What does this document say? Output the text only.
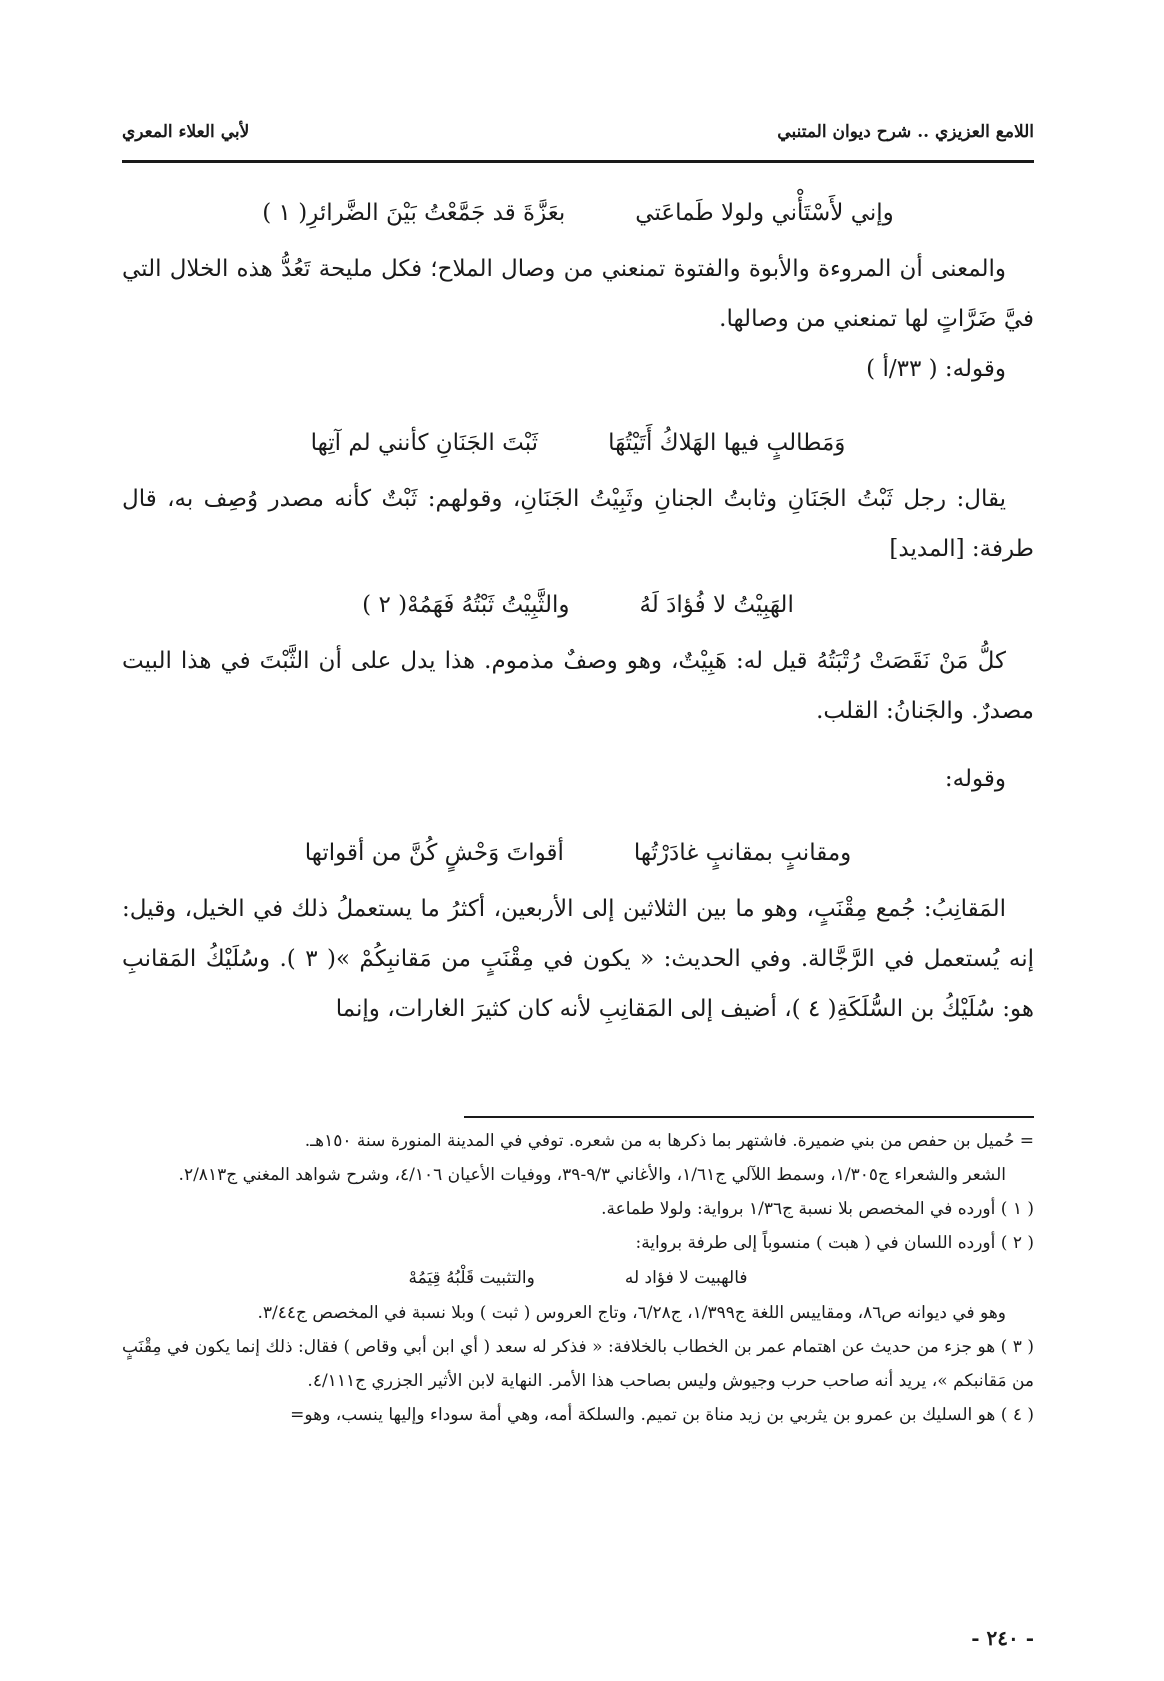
اللامع العزيزي .. شرح ديوان المتنبي
لأبي العلاء المعري
وإني لأَسْتَأْني ولولا طَماعَتي
بعَزَّةَ قد جَمَّعْتُ بَيْنَ الضَّرائرِ( ١ )

والمعنى أن المروءة والأبوة والفتوة تمنعني من وصال الملاح؛ فكل مليحة تَعُدُّ هذه الخلال التي فيَّ ضَرَّاتٍ لها تمنعني من وصالها.

وقوله: ( ٣٣/أ )

وَمَطالبٍ فيها الهَلاكُ أَتَيْتُهَا
ثَبْتَ الجَنَانِ كأنني لم آتِها

يقال: رجل ثَبْتُ الجَنَانِ وثابتُ الجنانِ وثَبِيْتُ الجَنَانِ، وقولهم: ثَبْتٌ كأنه مصدر وُصِف به، قال طرفة: [المديد]

الهَبِيْتُ لا فُؤادَ لَهُ
والثَّبِيْتُ ثَبْتُهُ فَهَمُهْ( ٢ )

كلُّ مَنْ نَقَصَتْ رُتْبَتُهُ قيل له: هَبِيْتٌ، وهو وصفٌ مذموم. هذا يدل على أن الثَّبْتَ في هذا البيت مصدرٌ. والجَنانُ: القلب.

وقوله:

ومقانبٍ بمقانبٍ غادَرْتُها
أقواتَ وَحْشٍ كُنَّ من أقواتها

المَقانِبُ: جُمع مِقْنَبٍ، وهو ما بين الثلاثين إلى الأربعين، أكثرُ ما يستعملُ ذلك في الخيل، وقيل: إنه يُستعمل في الرَّجَّالة. وفي الحديث: « يكون في مِقْنَبٍ من مَقانبِكُمْ »( ٣ ). وسُلَيْكُ المَقانبِ هو: سُلَيْكُ بن السُّلَكَةِ( ٤ )، أضيف إلى المَقانِبِ لأنه كان كثيرَ الغارات، وإنما

= حُميل بن حفص من بني ضميرة. فاشتهر بما ذكرها به من شعره. توفي في المدينة المنورة سنة ١٥٠هـ.

الشعر والشعراء ج١/٣٠٥، وسمط اللآلي ج١/٦١، والأغاني ٩/٣-٣٩، ووفيات الأعيان ٤/١٠٦، وشرح شواهد المغني ج٢/٨١٣.

( ١ ) أورده في المخصص بلا نسبة ج١/٣٦ برواية: ولولا طماعة.

( ٢ ) أورده اللسان في ( هبت ) منسوباً إلى طرفة برواية:

فالهبيت لا فؤاد له
والتثبيت قَلْبُهُ قِيَمُهْ

وهو في ديوانه ص٨٦، ومقاييس اللغة ج١/٣٩٩، ج٦/٢٨، وتاج العروس ( ثبت ) وبلا نسبة في المخصص ج٣/٤٤.

( ٣ ) هو جزء من حديث عن اهتمام عمر بن الخطاب بالخلافة: « فذكر له سعد ( أي ابن أبي وقاص ) فقال: ذلك إنما يكون في مِقْنَبٍ من مَقانبكم »، يريد أنه صاحب حرب وجيوش وليس بصاحب هذا الأمر. النهاية لابن الأثير الجزري ج٤/١١١.

( ٤ ) هو السليك بن عمرو بن يثربي بن زيد مناة بن تميم. والسلكة أمه، وهي أمة سوداء وإليها ينسب، وهو=

- ٢٤٠ -
